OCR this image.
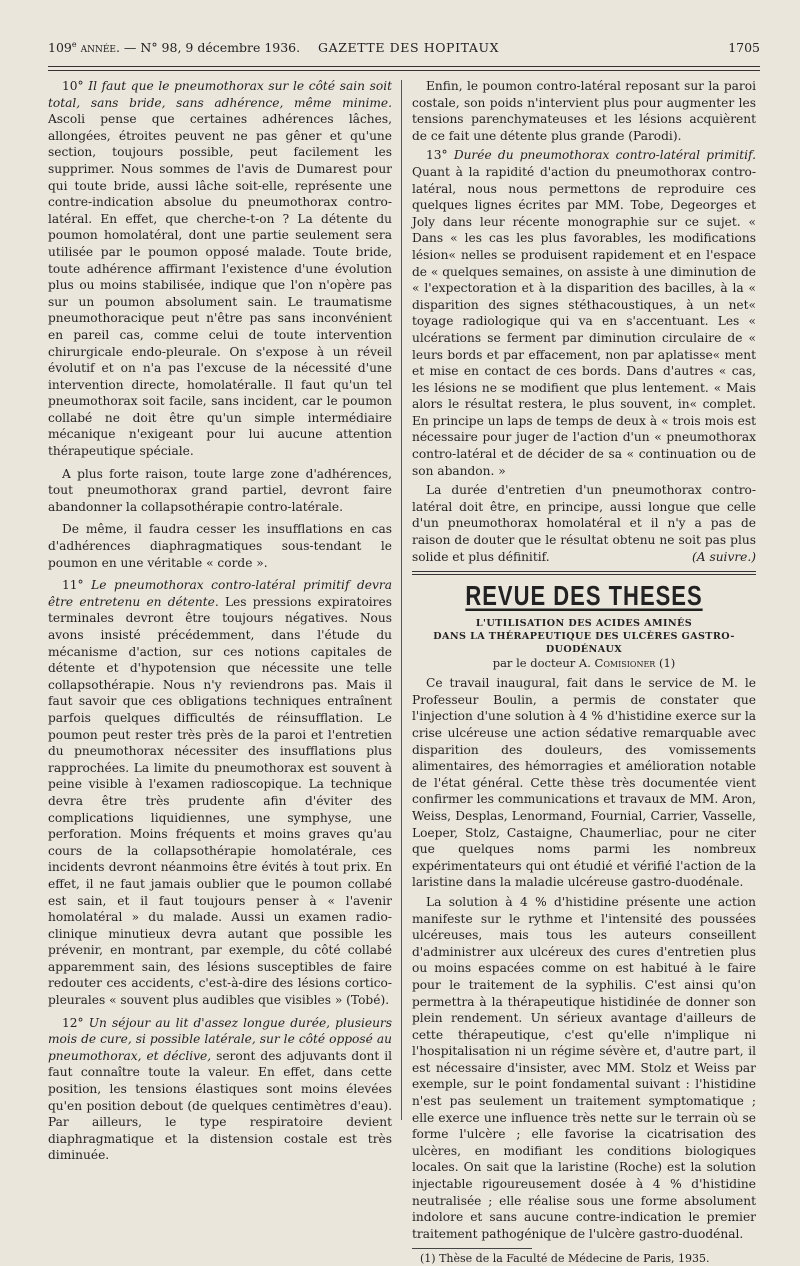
109e année. — N° 98, 9 décembre 1936. GAZETTE DES HOPITAUX	1705

10° Il faut que le pneumothorax sur le côté sain soit total, sans bride, sans adhérence, même minime. Ascoli pense que certaines adhérences lâches, allongées, étroites peuvent ne pas gêner et qu'une section, toujours possible, peut facilement les supprimer. Nous sommes de l'avis de Dumarest pour qui toute bride, aussi lâche soit-elle, représente une contre-indication absolue du pneumothorax contro-latéral. En effet, que cherche-t-on ? La détente du poumon homolatéral, dont une partie seulement sera utilisée par le poumon opposé malade. Toute bride, toute adhérence affirmant l'existence d'une évolution plus ou moins stabilisée, indique que l'on n'opère pas sur un poumon absolument sain. Le traumatisme pneumothoracique peut n'être pas sans inconvénient en pareil cas, comme celui de toute intervention chirurgicale endo-pleurale. On s'expose à un réveil évolutif et on n'a pas l'excuse de la nécessité d'une intervention directe, homolatéralle. Il faut qu'un tel pneumothorax soit facile, sans incident, car le poumon collabé ne doit être qu'un simple intermédiaire mécanique n'exigeant pour lui aucune attention thérapeutique spéciale.

A plus forte raison, toute large zone d'adhérences, tout pneumothorax grand partiel, devront faire abandonner la collapsothérapie contro-latérale.

De même, il faudra cesser les insufflations en cas d'adhérences diaphragmatiques sous-tendant le poumon en une véritable « corde ».

11° Le pneumothorax contro-latéral primitif devra être entretenu en détente. Les pressions expiratoires terminales devront être toujours négatives. Nous avons insisté précédemment, dans l'étude du mécanisme d'action, sur ces notions capitales de détente et d'hypotension que nécessite une telle collapsothérapie. Nous n'y reviendrons pas. Mais il faut savoir que ces obligations techniques entraînent parfois quelques difficultés de réinsufflation. Le poumon peut rester très près de la paroi et l'entretien du pneumothorax nécessiter des insufflations plus rapprochées. La limite du pneumothorax est souvent à peine visible à l'examen radioscopique. La technique devra être très prudente afin d'éviter des complications liquidiennes, une symphyse, une perforation. Moins fréquents et moins graves qu'au cours de la collapsothérapie homolatérale, ces incidents devront néanmoins être évités à tout prix. En effet, il ne faut jamais oublier que le poumon collabé est sain, et il faut toujours penser à « l'avenir homolatéral » du malade. Aussi un examen radio-clinique minutieux devra autant que possible les prévenir, en montrant, par exemple, du côté collabé apparemment sain, des lésions susceptibles de faire redouter ces accidents, c'est-à-dire des lésions cortico-pleurales « souvent plus audibles que visibles » (Tobé).

12° Un séjour au lit d'assez longue durée, plusieurs mois de cure, si possible latérale, sur le côté opposé au pneumothorax, et déclive, seront des adjuvants dont il faut connaître toute la valeur. En effet, dans cette position, les tensions élastiques sont moins élevées qu'en position debout (de quelques centimètres d'eau). Par ailleurs, le type respiratoire devient diaphragmatique et la distension costale est très diminuée.

Enfin, le poumon contro-latéral reposant sur la paroi costale, son poids n'intervient plus pour augmenter les tensions parenchymateuses et les lésions acquièrent de ce fait une détente plus grande (Parodi).

13° Durée du pneumothorax contro-latéral primitif. Quant à la rapidité d'action du pneumothorax contro-latéral, nous nous permettons de reproduire ces quelques lignes écrites par MM. Tobe, Degeorges et Joly dans leur récente monographie sur ce sujet. « Dans « les cas les plus favorables, les modifications lésion« nelles se produisent rapidement et en l'espace de « quelques semaines, on assiste à une diminution de « l'expectoration et à la disparition des bacilles, à la « disparition des signes stéthacoustiques, à un net« toyage radiologique qui va en s'accentuant. Les « ulcérations se ferment par diminution circulaire de « leurs bords et par effacement, non par aplatisse« ment et mise en contact de ces bords. Dans d'autres « cas, les lésions ne se modifient que plus lentement. « Mais alors le résultat restera, le plus souvent, in« complet. En principe un laps de temps de deux à « trois mois est nécessaire pour juger de l'action d'un « pneumothorax contro-latéral et de décider de sa « continuation ou de son abandon. »

La durée d'entretien d'un pneumothorax contro-latéral doit être, en principe, aussi longue que celle d'un pneumothorax homolatéral et il n'y a pas de raison de douter que le résultat obtenu ne soit pas plus solide et plus définitif.	(A suivre.)

REVUE DES THESES
L'UTILISATION DES ACIDES AMINÉS
DANS LA THÉRAPEUTIQUE DES ULCÈRES GASTRO-DUODÉNAUX
par le docteur A. Comisioner (1)

Ce travail inaugural, fait dans le service de M. le Professeur Boulin, a permis de constater que l'injection d'une solution à 4 % d'histidine exerce sur la crise ulcéreuse une action sédative remarquable avec disparition des douleurs, des vomissements alimentaires, des hémorragies et amélioration notable de l'état général. Cette thèse très documentée vient confirmer les communications et travaux de MM. Aron, Weiss, Desplas, Lenormand, Fournial, Carrier, Vasselle, Loeper, Stolz, Castaigne, Chaumerliac, pour ne citer que quelques noms parmi les nombreux expérimentateurs qui ont étudié et vérifié l'action de la laristine dans la maladie ulcéreuse gastro-duodénale.

La solution à 4 % d'histidine présente une action manifeste sur le rythme et l'intensité des poussées ulcéreuses, mais tous les auteurs conseillent d'administrer aux ulcéreux des cures d'entretien plus ou moins espacées comme on est habitué à le faire pour le traitement de la syphilis. C'est ainsi qu'on permettra à la thérapeutique histidinée de donner son plein rendement. Un sérieux avantage d'ailleurs de cette thérapeutique, c'est qu'elle n'implique ni l'hospitalisation ni un régime sévère et, d'autre part, il est nécessaire d'insister, avec MM. Stolz et Weiss par exemple, sur le point fondamental suivant : l'histidine n'est pas seulement un traitement symptomatique ; elle exerce une influence très nette sur le terrain où se forme l'ulcère ; elle favorise la cicatrisation des ulcères, en modifiant les conditions biologiques locales. On sait que la laristine (Roche) est la solution injectable rigoureusement dosée à 4 % d'histidine neutralisée ; elle réalise sous une forme absolument indolore et sans aucune contre-indication le premier traitement pathogénique de l'ulcère gastro-duodénal.

(1) Thèse de la Faculté de Médecine de Paris, 1935.
